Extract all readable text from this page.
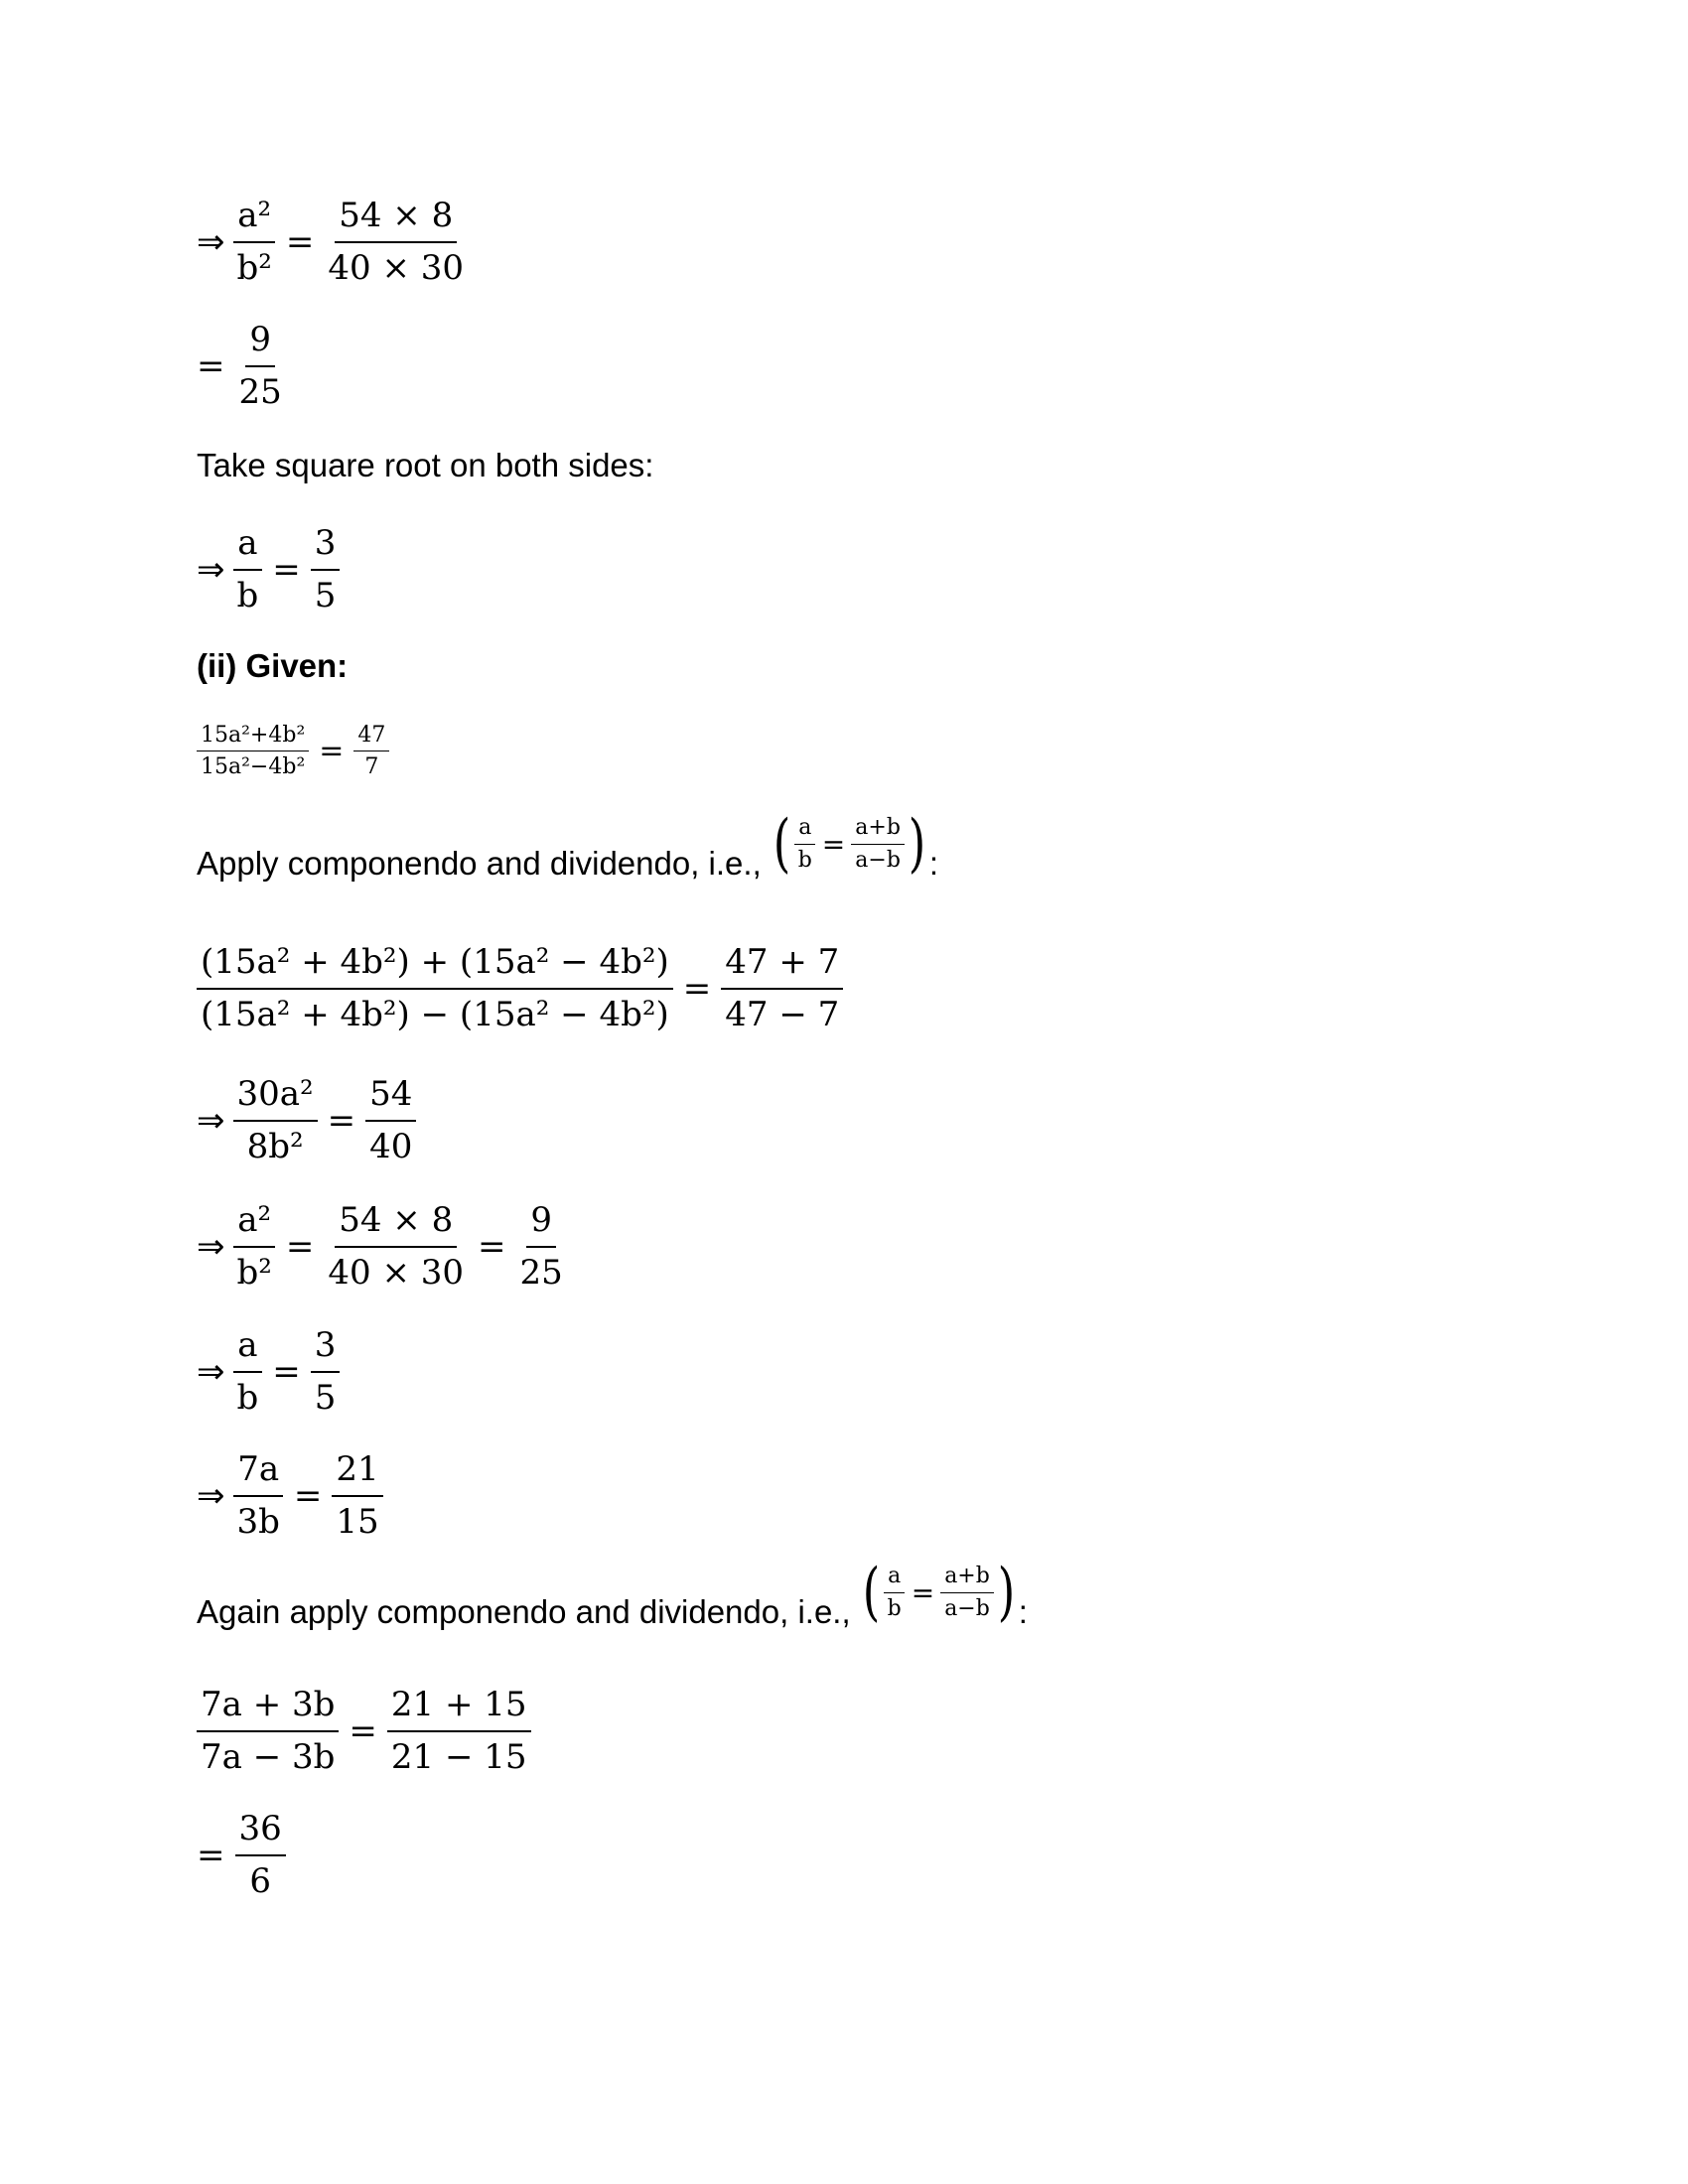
⇒ $\frac{\text{a²}}{\text{b²}} = \frac{54 \times 8}{40 \times 30}$
= $\frac{9}{25}$
Take square root on both sides:
⇒ $\frac{a}{b} = \frac{3}{5}$
(ii) Given:
$\frac{\text{15a²+4b²}}{\text{15a²−4b²}} = \frac{47}{7}$
Apply componendo and dividendo, i.e., ( $\frac{a}{b} = \frac{a+b}{a-b}$ ) :
$\frac{\text{(15a² + 4b²) + (15a² − 4b²)}}{\text{(15a² + 4b²) − (15a² − 4b²)}} = \frac{47 + 7}{47 - 7}$
⇒ $\frac{\text{30a²}}{\text{8b²}} = \frac{54}{40}$
⇒ $\frac{\text{a²}}{\text{b²}} = \frac{54 \times 8}{40 \times 30} = \frac{9}{25}$
⇒ $\frac{a}{b} = \frac{3}{5}$
⇒ $\frac{7a}{3b} = \frac{21}{15}$
Again apply componendo and dividendo, i.e., ( $\frac{a}{b} = \frac{a+b}{a-b}$ ) :
$\frac{7a + 3b}{7a - 3b} = \frac{21 + 15}{21 - 15}$
= $\frac{36}{6}$
